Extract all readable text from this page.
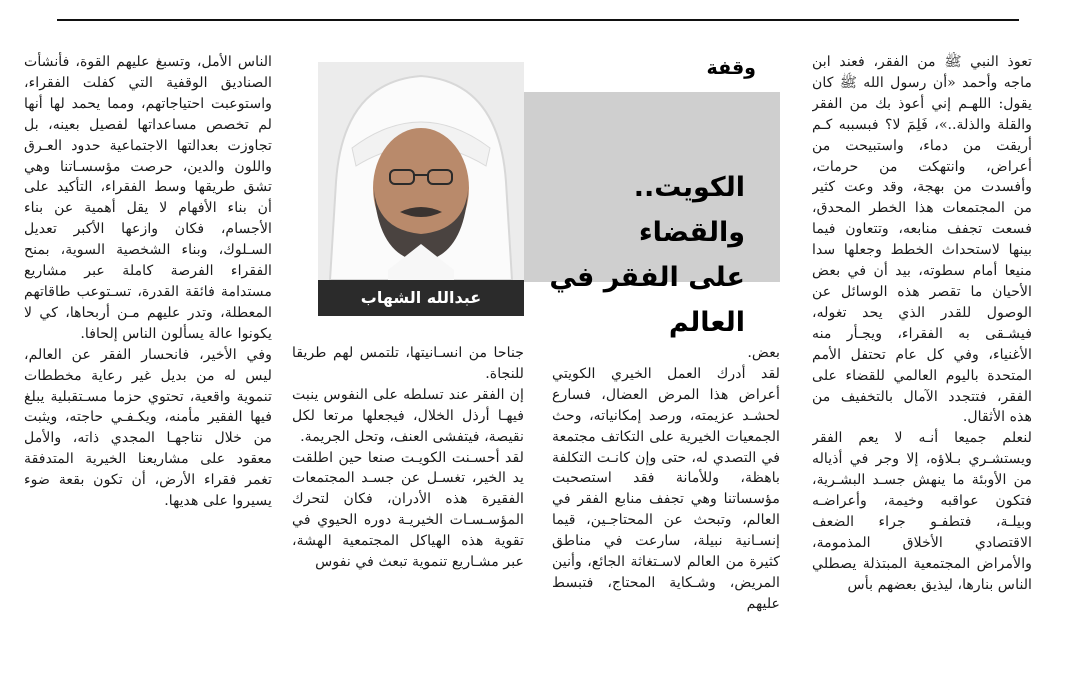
تعوذ النبي ﷺ من الفقر، فعند ابن ماجه وأحمد «أن رسول الله ﷺ كان يقول: اللهـم إني أعوذ بك من الفقر والقلة والذلة..»، فَلِمَ لا؟ فبسببه كـم أريقت من دماء، واستبيحت من أعراض، وانتهكت من حرمات، وأفسدت من بهجة، وقد وعت كثير من المجتمعات هذا الخطر المحدق، فسعت تجفف منابعه، وتتعاون فيما بينها لاستحداث الخطط وجعلها سدا منيعا أمام سطوته، بيد أن في بعض الأحيان ما تقصر هذه الوسائل عن الوصول للقدر الذي يحد تغوله، فيشـقى به الفقراء، ويجـأر منه الأغنياء، وفي كل عام تحتفل الأمم المتحدة باليوم العالمي للقضاء على الفقر، فتتجدد الآمال بالتخفيف من هذه الأثقال.

لنعلم جميعا أنـه لا يعم الفقر ويستشـري بـلاؤه، إلا وجر في أذياله من الأوبئة ما ينهش جسـد البشـرية، فتكون عواقبه وخيمة، وأعراضـه وبيلـة، فتطفـو جراء الضعف الاقتصادي الأخلاق المذمومة، والأمراض المجتمعية المبتذلة يصطلي الناس بنارها، ليذيق بعضهم بأس

عبدالله الشهاب
وقفة
الكويت.. والقضاء
على الفقر في العالم

بعض.

لقد أدرك العمل الخيري الكويتي أعراض هذا المرض العضال، فسارع لحشـد عزيمته، ورصد إمكانياته، وحث الجمعيات الخيرية على التكاتف مجتمعة في التصدي له، حتى وإن كانـت التكلفة باهظة، وللأمانة فقد استصحبت مؤسساتنا وهي تجفف منابع الفقر في العالم، وتبحث عن المحتاجـين، قيما إنسـانية نبيلة، سارعت في مناطق كثيرة من العالم لاسـتغاثة الجائع، وأنين المريض، وشـكاية المحتاج، فتبسط عليهم

جناحا من انسـانيتها، تلتمس لهم طريقا للنجاة.

إن الفقر عند تسلطه على النفوس ينبت فيهـا أرذل الخلال، فيجعلها مرتعا لكل نقيصة، فيتفشى العنف، وتحل الجريمة.

لقد أحسـنت الكويـت صنعا حين اطلقت يد الخير، تغسـل عن جسـد المجتمعات الفقيرة هذه الأدران، فكان لتحرك المؤسـسـات الخيريـة دوره الحيوي في تقوية هذه الهياكل المجتمعية الهشة، عبر مشـاريع تنموية تبعث في نفوس

الناس الأمل، وتسبغ عليهم القوة، فأنشأت الصناديق الوقفية التي كفلت الفقراء، واستوعبت احتياجاتهم، ومما يحمد لها أنها لم تخصص مساعداتها لفصيل بعينه، بل تجاوزت بعدالتها الاجتماعية حدود العـرق واللون والدين، حرصت مؤسسـاتنا وهي تشق طريقها وسط الفقراء، التأكيد على أن بناء الأفهام لا يقل أهمية عن بناء الأجسام، فكان وازعها الأكبر تعديل السـلوك، وبناء الشخصية السوية، بمنح الفقراء الفرصة كاملة عبر مشاريع مستدامة فائقة القدرة، تسـتوعب طاقاتهم المعطلة، وتدر عليهم مـن أربحاها، كي لا يكونوا عالة يسألون الناس إلحافا.

وفي الأخير، فانحسار الفقر عن العالم، ليس له من بديل غير رعاية مخططات تنموية واقعية، تحتوي حزما مسـتقبلية يبلغ فيها الفقير مأمنه، ويكـفـي حاجته، ويثبت من خلال نتاجهـا المجدي ذاته، والأمل معقود على مشاريعنا الخيرية المتدفقة تغمر فقراء الأرض، أن تكون بقعة ضوء يسيروا على هديها.
